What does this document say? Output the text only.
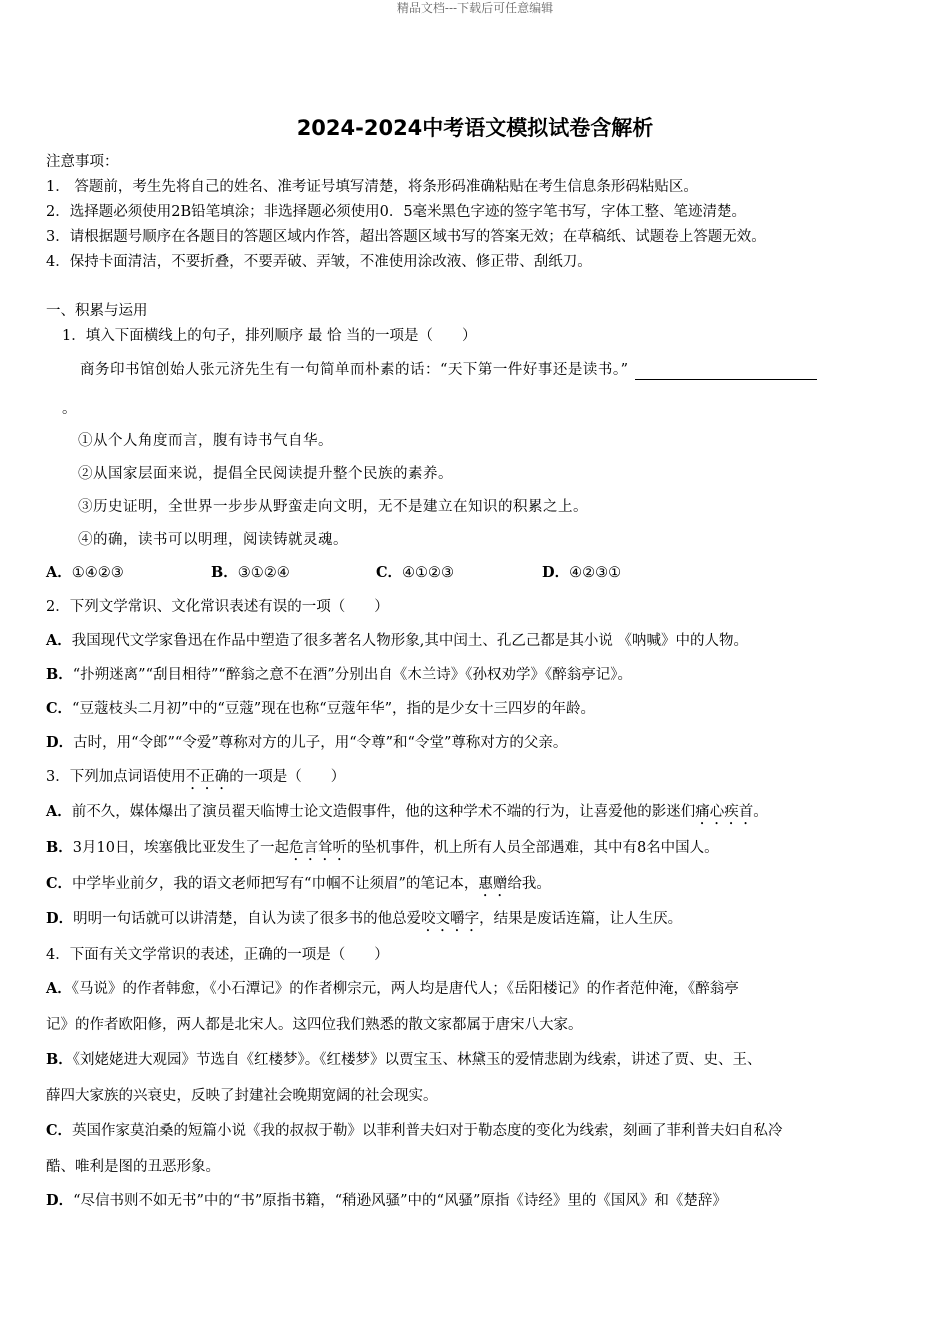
精品文档---下载后可任意编辑
2024-2024中考语文模拟试卷含解析
注意事项：
1． 答题前，考生先将自己的姓名、准考证号填写清楚，将条形码准确粘贴在考生信息条形码粘贴区。
2．选择题必须使用2B铅笔填涂；非选择题必须使用0．5毫米黑色字迹的签字笔书写，字体工整、笔迹清楚。
3．请根据题号顺序在各题目的答题区域内作答，超出答题区域书写的答案无效；在草稿纸、试题卷上答题无效。
4．保持卡面清洁，不要折叠，不要弄破、弄皱，不准使用涂改液、修正带、刮纸刀。
一、积累与运用
1．填入下面横线上的句子，排列顺序 最 恰 当的一项是（　　）
商务印书馆创始人张元济先生有一句简单而朴素的话：“天下第一件好事还是读书。”
。
①从个人角度而言，腹有诗书气自华。
②从国家层面来说，提倡全民阅读提升整个民族的素养。
③历史证明，全世界一步步从野蛮走向文明，无不是建立在知识的积累之上。
④的确，读书可以明理，阅读铸就灵魂。
A．①④②③	B．③①②④	C．④①②③	D．④②③①
2．下列文学常识、文化常识表述有误的一项（　　）
A．我国现代文学家鲁迅在作品中塑造了很多著名人物形象,其中闰土、孔乙己都是其小说 《呐喊》中的人物。
B．“扑朔迷离”“刮目相待”“醉翁之意不在酒”分别出自《木兰诗》《孙权劝学》《醉翁亭记》。
C．“豆蔻枝头二月初”中的“豆蔻”现在也称“豆蔻年华”，指的是少女十三四岁的年龄。
D．古时，用“令郎”“令爱”尊称对方的儿子，用“令尊”和“令堂”尊称对方的父亲。
3．下列加点词语使用不正确的一项是（　　）
A．前不久，媒体爆出了演员翟天临博士论文造假事件，他的这种学术不端的行为，让喜爱他的影迷们痛心疾首。
B．3月10日，埃塞俄比亚发生了一起危言耸听的坠机事件，机上所有人员全部遇难，其中有8名中国人。
C．中学毕业前夕，我的语文老师把写有“巾帼不让须眉”的笔记本，惠赠给我。
D．明明一句话就可以讲清楚，自认为读了很多书的他总爱咬文嚼字，结果是废话连篇，让人生厌。
4．下面有关文学常识的表述，正确的一项是（　　）
A．《马说》的作者韩愈，《小石潭记》的作者柳宗元，两人均是唐代人；《岳阳楼记》的作者范仲淹，《醉翁亭
记》的作者欧阳修，两人都是北宋人。这四位我们熟悉的散文家都属于唐宋八大家。
B．《刘姥姥进大观园》节选自《红楼梦》。《红楼梦》以贾宝玉、林黛玉的爱情悲剧为线索，讲述了贾、史、王、
薛四大家族的兴衰史，反映了封建社会晚期宽阔的社会现实。
C．英国作家莫泊桑的短篇小说《我的叔叔于勒》以菲利普夫妇对于勒态度的变化为线索，刻画了菲利普夫妇自私冷
酷、唯利是图的丑恶形象。
D．“尽信书则不如无书”中的“书”原指书籍，“稍逊风骚”中的“风骚”原指《诗经》里的《国风》和《楚辞》
